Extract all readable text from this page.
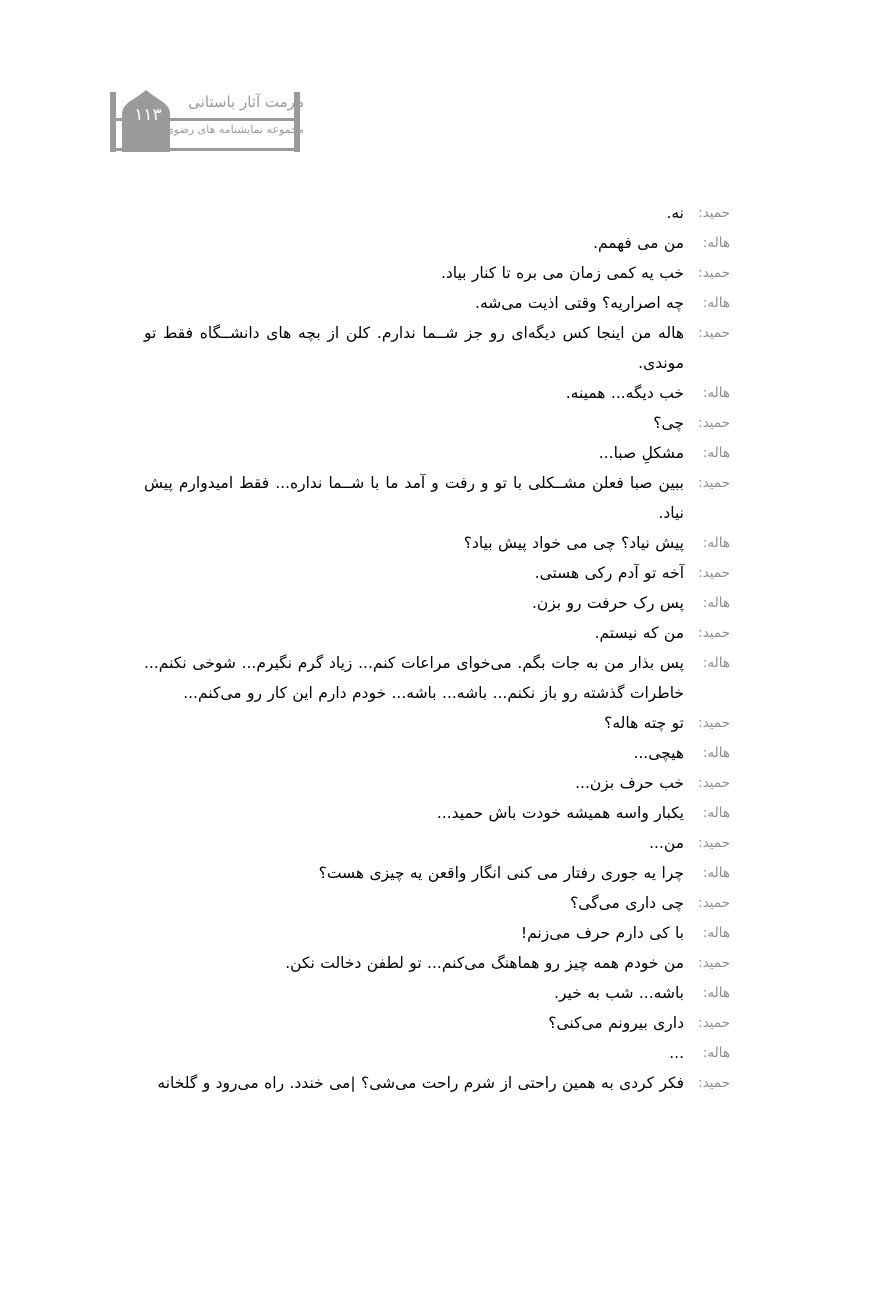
۱۱۳
مرمت آثار باستانی
مجموعه نمایشنامه های رضوی
حمید :
نه.
هاله :
من می فهمم.
حمید :
خب یه کمی زمان می بره تا کنار بیاد.
هاله :
چه اصراریه؟ وقتی اذیت می‌شه.
حمید :
هاله من اینجا کس دیگه‌ای رو جز شــما ندارم. کلن از بچه های دانشــگاه فقط تو موندی.
هاله :
خب دیگه... همینه.
حمید :
چی؟
هاله :
مشکلِ صبا...
حمید :
ببین صبا فعلن مشــکلی با تو و رفت و آمد ما با شــما نداره... فقط امیدوارم پیش نیاد.
هاله :
پیش نیاد؟ چی می خواد پیش بیاد؟
حمید :
آخه تو آدم رکی هستی.
هاله :
پس رک حرفت رو بزن.
حمید :
من که نیستم.
هاله :
پس بذار من به جات بگم. می‌خوای مراعات کنم... زیاد گرم نگیرم... شوخی نکنم... خاطرات گذشته رو باز نکنم... باشه... باشه... خودم دارم این کار رو می‌کنم...
حمید :
تو چته هاله؟
هاله :
هیچی...
حمید :
خب حرف بزن...
هاله :
یکبار واسه همیشه خودت باش حمید...
حمید :
من...
هاله :
چرا یه جوری رفتار می کنی انگار واقعن یه چیزی هست؟
حمید :
چی داری می‌گی؟
هاله :
با کی دارم حرف می‌زنم!
حمید :
من خودم همه چیز رو هماهنگ می‌کنم... تو لطفن دخالت نکن.
هاله :
باشه... شب به خیر.
حمید :
داری بیرونم می‌کنی؟
هاله :
...
حمید :
فکر کردی به همین راحتی از شرم راحت می‌شی؟ |می خندد. راه می‌رود و گلخانه
